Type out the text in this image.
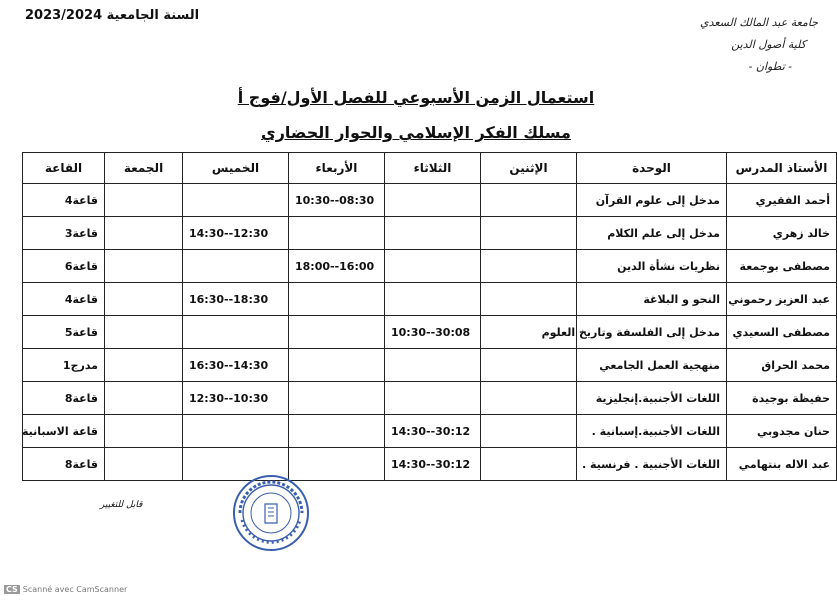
السنة الجامعية 2023/2024	جامعة عبد المالك السعدي
كلية أصول الدين
- تطوان -
استعمال الزمن الأسبوعي للفصل الأول/فوج أ
مسلك الفكر الإسلامي والحوار الحضاري
الأستاذ المدرس	الوحدة	الإثنين	الثلاثاء	الأربعاء	الخميس	الجمعة	القاعة
أحمد الفقيري	مدخل إلى علوم القرآن			10:30--08:30			قاعة4
خالد زهري	مدخل إلى علم الكلام				14:30--12:30		قاعة3
مصطفى بوجمعة	نظريات نشأة الدين			18:00--16:00			قاعة6
عبد العزيز رحموني	النحو و البلاغة				16:30--18:30		قاعة4
مصطفى السعيدي	مدخل إلى الفلسفة وتاريخ العلوم		10:30--30:08				قاعة5
محمد الحراق	منهجية العمل الجامعي				16:30--14:30		مدرج1
حفيظة بوجيدة	اللغات الأجنبية.إنجليزية				12:30--10:30		قاعة8
حنان مجدوبي	اللغات الأجنبية.إسبانية .		14:30--30:12				قاعة الاسبانية
عبد الاله بنتهامي	اللغات الأجنبية . فرنسية .		14:30--30:12				قاعة8
قابل للتغيير
CS Scanné avec CamScanner
